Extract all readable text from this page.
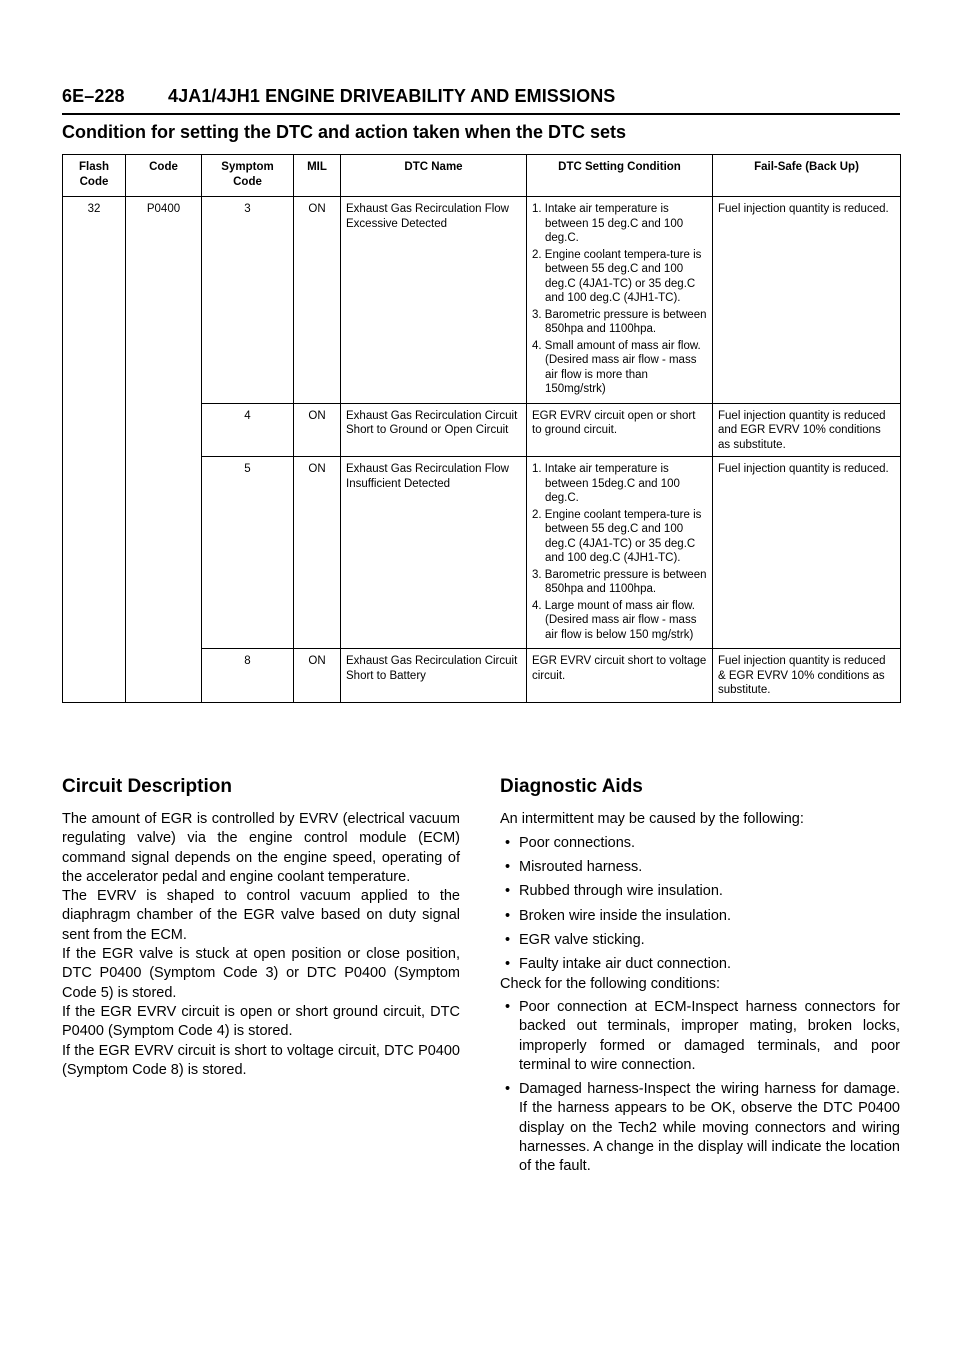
6E–228 4JA1/4JH1 ENGINE DRIVEABILITY AND EMISSIONS
Condition for setting the DTC and action taken when the DTC sets
Flash Code	Code	Symptom Code	MIL	DTC Name	DTC Setting Condition	Fail-Safe (Back Up)
32	P0400	3	ON	Exhaust Gas Recirculation Flow Excessive Detected	1. Intake air temperature is between 15 deg.C and 100 deg.C.
2. Engine coolant tempera-ture is between 55 deg.C and 100 deg.C (4JA1-TC) or 35 deg.C and 100 deg.C (4JH1-TC).
3. Barometric pressure is between 850hpa and 1100hpa.
4. Small amount of mass air flow. (Desired mass air flow - mass air flow is more than 150mg/strk)	Fuel injection quantity is reduced.
		4	ON	Exhaust Gas Recirculation Circuit Short to Ground or Open Circuit	EGR EVRV circuit open or short to ground circuit.	Fuel injection quantity is reduced and EGR EVRV 10% conditions as substitute.
		5	ON	Exhaust Gas Recirculation Flow Insufficient Detected	1. Intake air temperature is between 15deg.C and 100 deg.C.
2. Engine coolant tempera-ture is between 55 deg.C and 100 deg.C (4JA1-TC) or 35 deg.C and 100 deg.C (4JH1-TC).
3. Barometric pressure is between 850hpa and 1100hpa.
4. Large mount of mass air flow. (Desired mass air flow - mass air flow is below 150 mg/strk)	Fuel injection quantity is reduced.
		8	ON	Exhaust Gas Recirculation Circuit Short to Battery	EGR EVRV circuit short to voltage circuit.	Fuel injection quantity is reduced & EGR EVRV 10% conditions as substitute.
Circuit Description

The amount of EGR is controlled by EVRV (electrical vacuum regulating valve) via the engine control module (ECM) command signal depends on the engine speed, operating of the accelerator pedal and engine coolant temperature.

The EVRV is shaped to control vacuum applied to the diaphragm chamber of the EGR valve based on duty signal sent from the ECM.

If the EGR valve is stuck at open position or close position, DTC P0400 (Symptom Code 3) or DTC P0400 (Symptom Code 5) is stored.

If the EGR EVRV circuit is open or short ground circuit, DTC P0400 (Symptom Code 4) is stored.

If the EGR EVRV circuit is short to voltage circuit, DTC P0400 (Symptom Code 8) is stored.

Diagnostic Aids

An intermittent may be caused by the following:

• Poor connections.
• Misrouted harness.
• Rubbed through wire insulation.
• Broken wire inside the insulation.
• EGR valve sticking.
• Faulty intake air duct connection.

Check for the following conditions:

• Poor connection at ECM-Inspect harness connectors for backed out terminals, improper mating, broken locks, improperly formed or damaged terminals, and poor terminal to wire connection.
• Damaged harness-Inspect the wiring harness for damage. If the harness appears to be OK, observe the DTC P0400 display on the Tech2 while moving connectors and wiring harnesses. A change in the display will indicate the location of the fault.
